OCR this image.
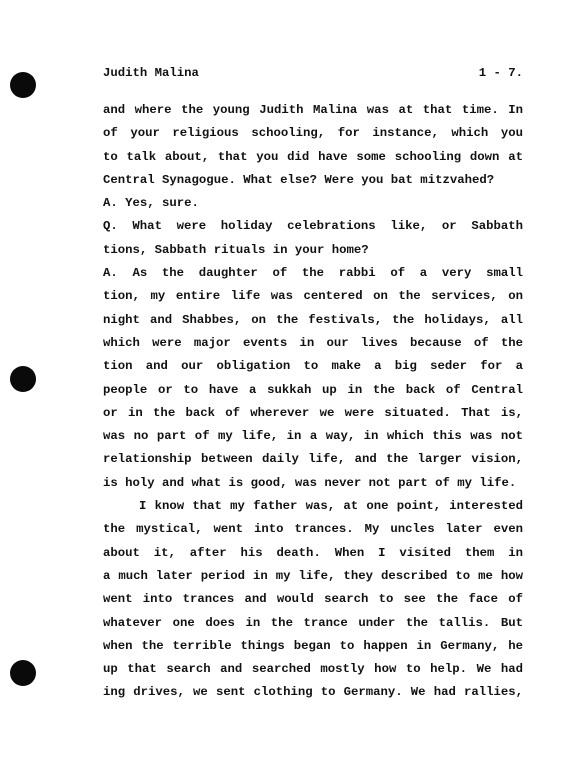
Judith Malina	1 - 7.
and where the young Judith Malina was at that time. In
of your religious schooling, for instance, which you
to talk about, that you did have some schooling down at
Central Synagogue. What else? Were you bat mitzvahed?
A. Yes, sure.
Q. What were holiday celebrations like, or Sabbath
tions, Sabbath rituals in your home?
A. As the daughter of the rabbi of a very small
tion, my entire life was centered on the services, on
night and Shabbes, on the festivals, the holidays, all
which were major events in our lives because of the
tion and our obligation to make a big seder for a
people or to have a sukkah up in the back of Central
or in the back of wherever we were situated. That is,
was no part of my life, in a way, in which this was not
relationship between daily life, and the larger vision,
is holy and what is good, was never not part of my life.
I know that my father was, at one point, interested
the mystical, went into trances. My uncles later even
about it, after his death. When I visited them in
a much later period in my life, they described to me how
went into trances and would search to see the face of
whatever one does in the trance under the tallis. But
when the terrible things began to happen in Germany, he
up that search and searched mostly how to help. We had
ing drives, we sent clothing to Germany. We had rallies,
